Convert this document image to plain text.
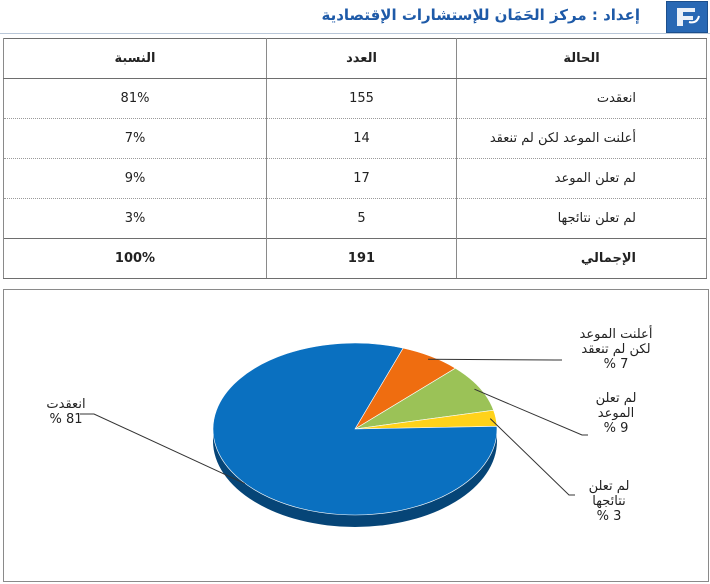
إعداد : مركز الحَمَان للإستشارات الإقتصادية
الحالة	العدد	النسبة
انعقدت	155	81%
أعلنت الموعد لكن لم تنعقد	14	7%
لم تعلن الموعد	17	9%
لم تعلن نتائجها	5	3%
الإجمالي	191	100%
انعقدت 81 %
أعلنت الموعد لكن لم تنعقد 7 %
لم تعلن الموعد 9 %
لم تعلن نتائجها 3 %
